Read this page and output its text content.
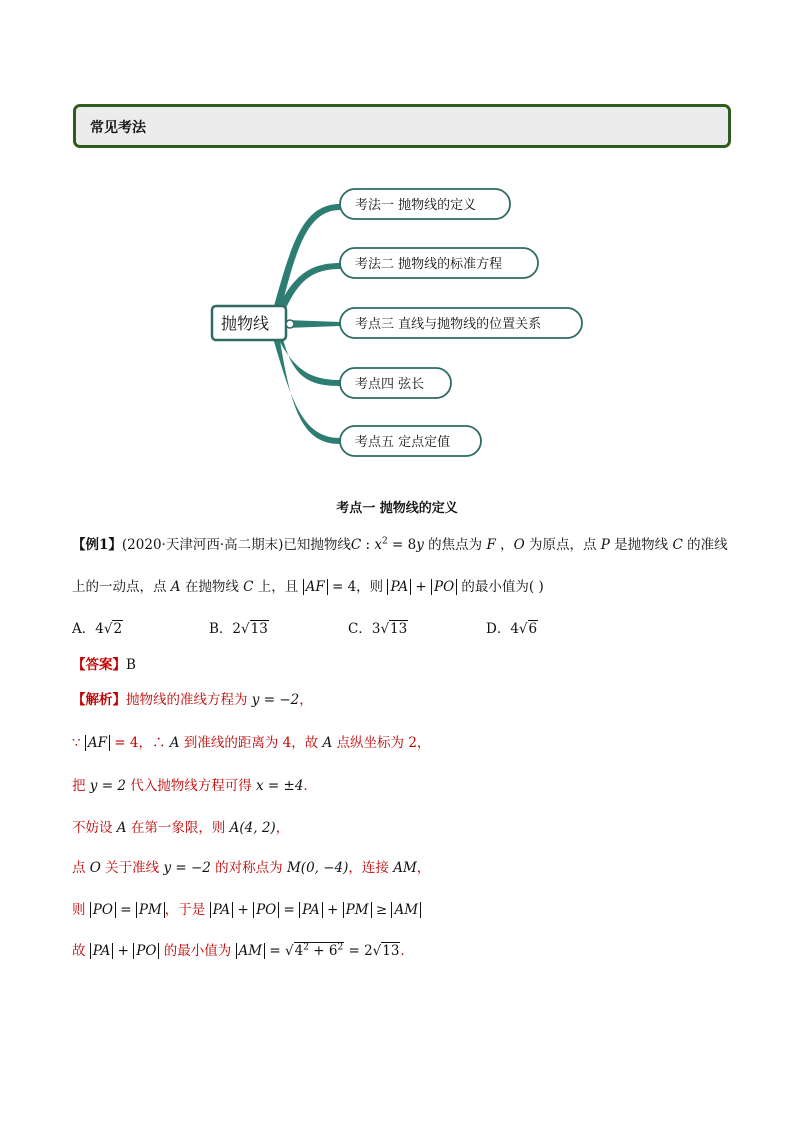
常见考法
抛物线
考法一 抛物线的定义
考法二 抛物线的标准方程
考点三 直线与抛物线的位置关系
考点四 弦长
考点五 定点定值
考点一 抛物线的定义
【例1】(2020·天津河西·高二期末)已知抛物线C : $x^2 = 8y$ 的焦点为 F ，O 为原点，点 P 是抛物线 C 的准线
上的一动点，点 A 在抛物线 C 上，且 AF = 4，则 PA + PO 的最小值为( )
A．4√2	B．2√13	C．3√13	D．4√6
【答案】B
【解析】抛物线的准线方程为 y = −2，
∵ AF = 4，∴ A 到准线的距离为 4，故 A 点纵坐标为 2，
把 y = 2 代入抛物线方程可得 x = ±4．
不妨设 A 在第一象限，则 A(4, 2)，
点 O 关于准线 y = −2 的对称点为 M(0, −4)，连接 AM，
则 PO = PM ，于是 PA + PO = PA + PM ≥ AM
故 PA + PO 的最小值为 AM = $√4^2 + 6^2 = 2√13$．
